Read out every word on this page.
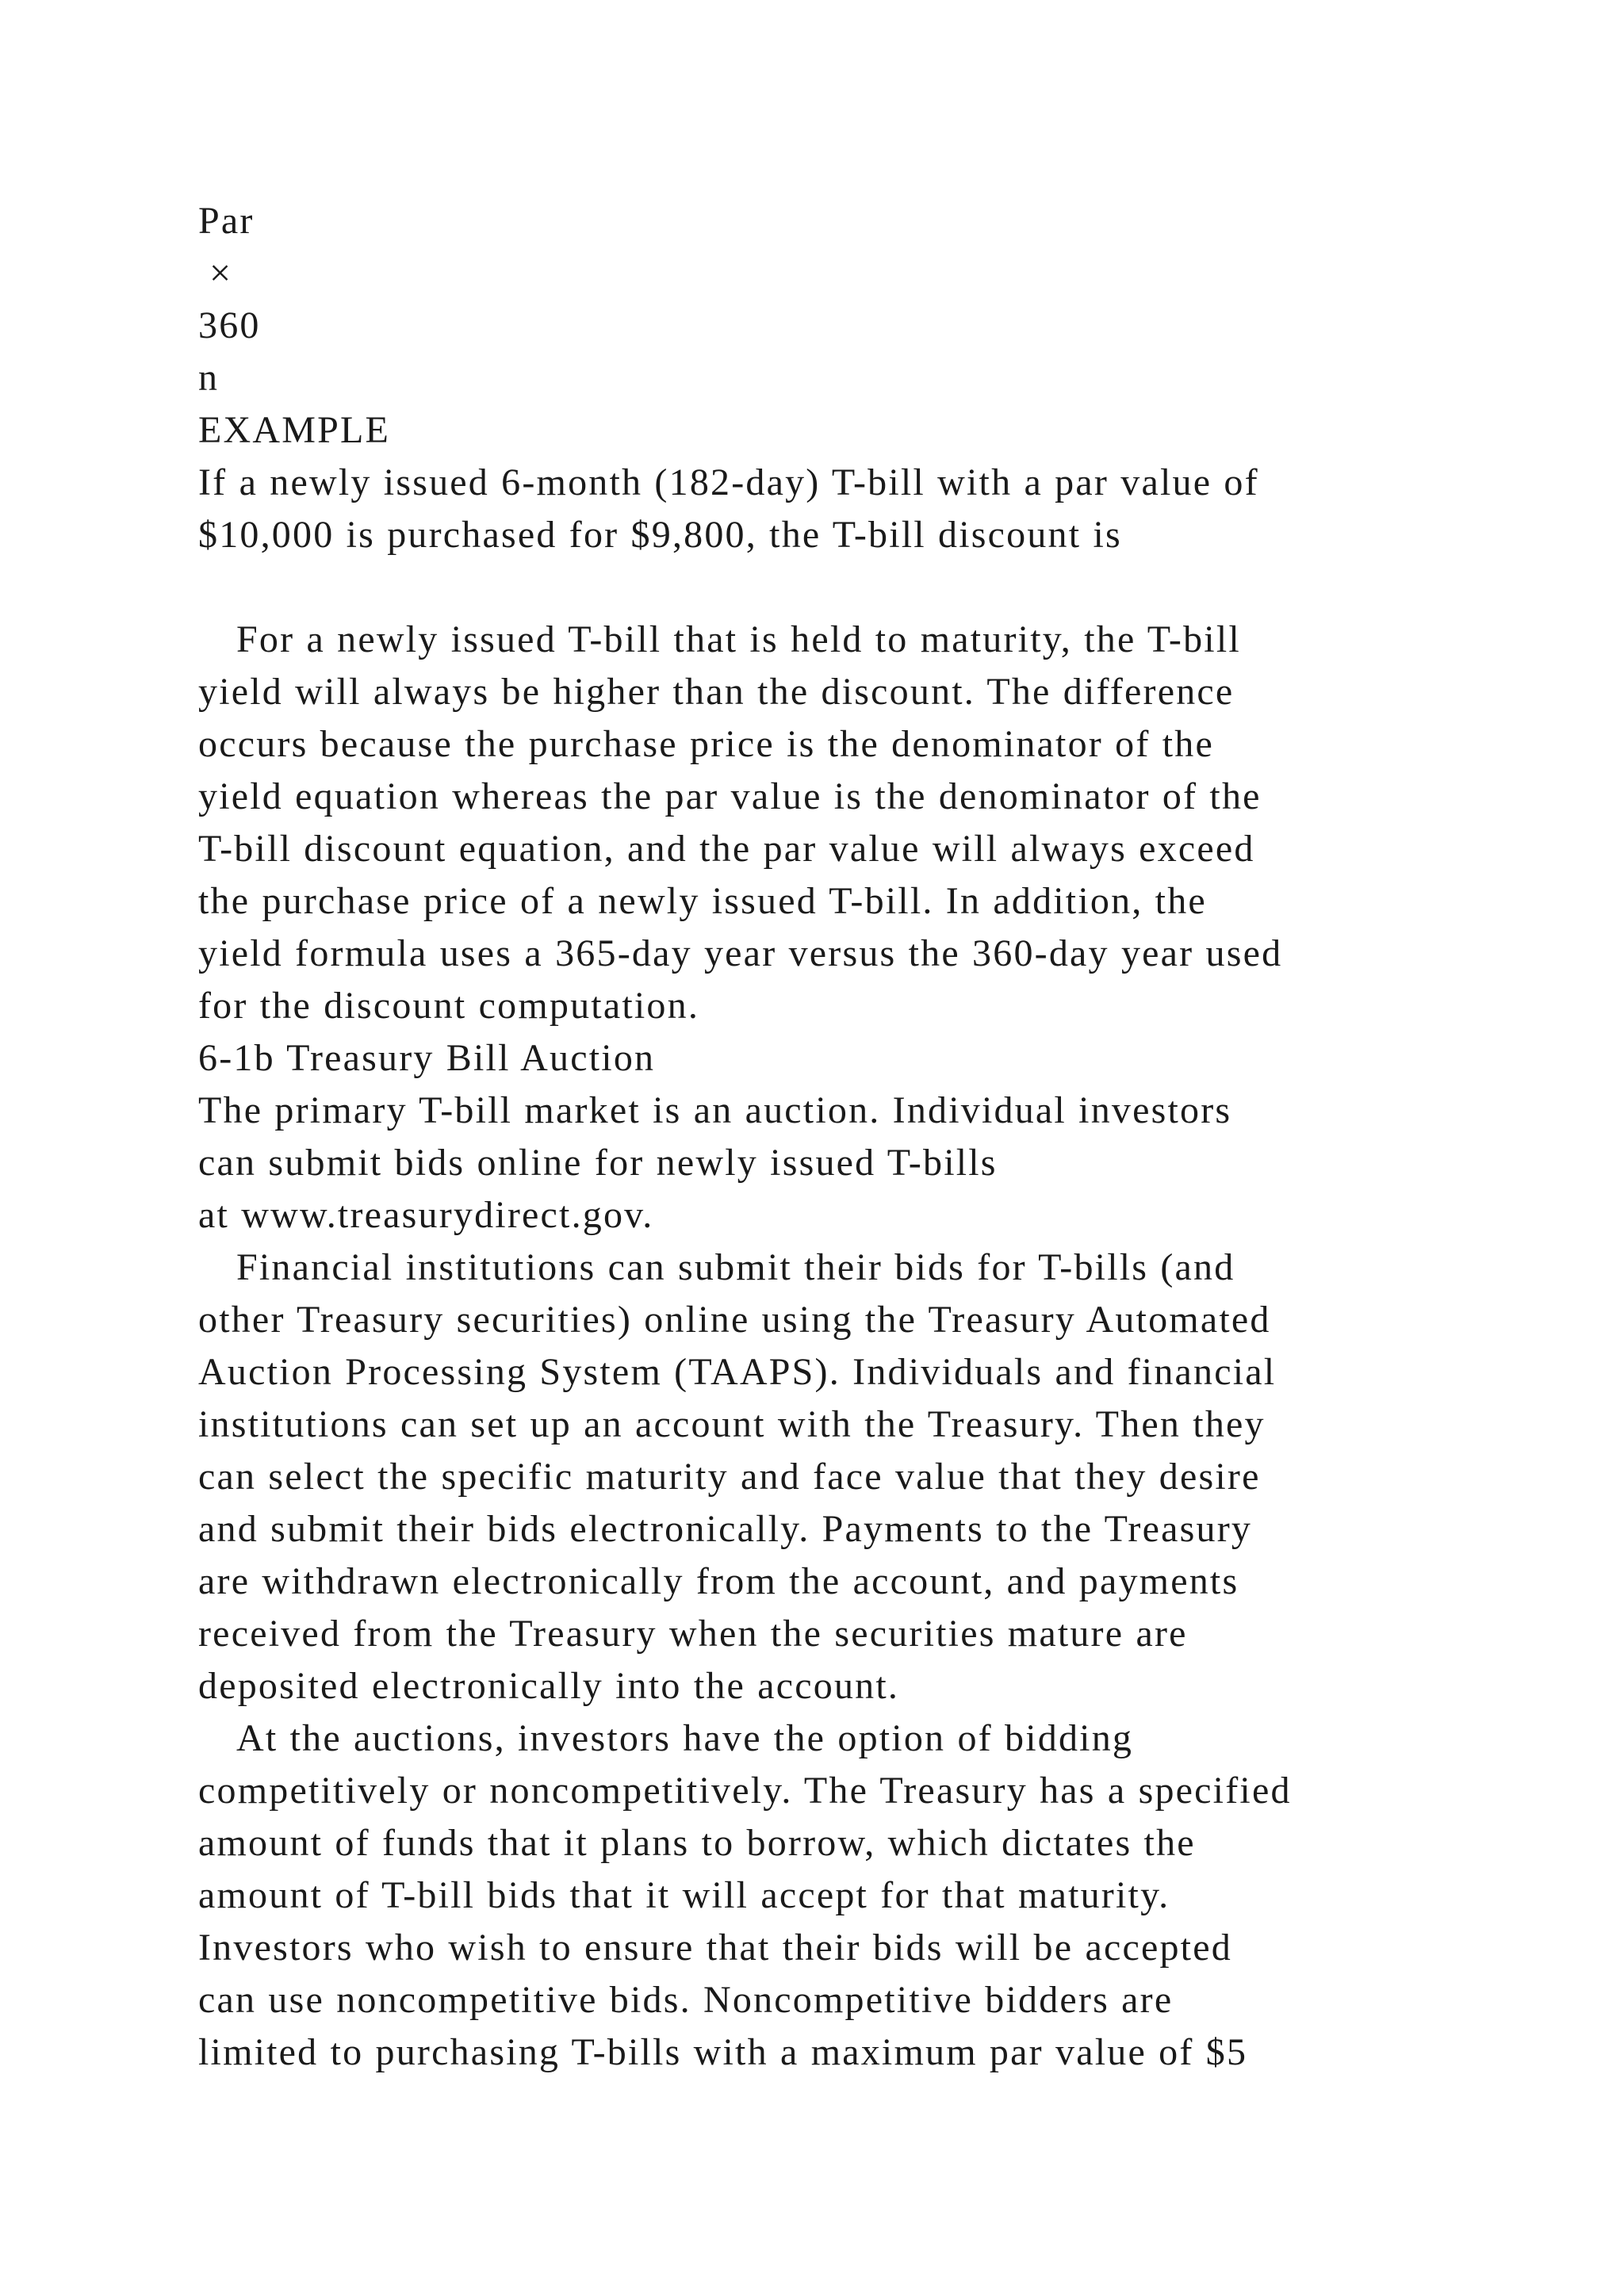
Par
×
360
n
EXAMPLE
If a newly issued 6-month (182-day) T-bill with a par value of
$10,000 is purchased for $9,800, the T-bill discount is
For a newly issued T-bill that is held to maturity, the T-bill
yield will always be higher than the discount. The difference
occurs because the purchase price is the denominator of the
yield equation whereas the par value is the denominator of the
T-bill discount equation, and the par value will always exceed
the purchase price of a newly issued T-bill. In addition, the
yield formula uses a 365-day year versus the 360-day year used
for the discount computation.
6-1b Treasury Bill Auction
The primary T-bill market is an auction. Individual investors
can submit bids online for newly issued T-bills
at www.treasurydirect.gov.
Financial institutions can submit their bids for T-bills (and
other Treasury securities) online using the Treasury Automated
Auction Processing System (TAAPS). Individuals and financial
institutions can set up an account with the Treasury. Then they
can select the specific maturity and face value that they desire
and submit their bids electronically. Payments to the Treasury
are withdrawn electronically from the account, and payments
received from the Treasury when the securities mature are
deposited electronically into the account.
At the auctions, investors have the option of bidding
competitively or noncompetitively. The Treasury has a specified
amount of funds that it plans to borrow, which dictates the
amount of T-bill bids that it will accept for that maturity.
Investors who wish to ensure that their bids will be accepted
can use noncompetitive bids. Noncompetitive bidders are
limited to purchasing T-bills with a maximum par value of $5
